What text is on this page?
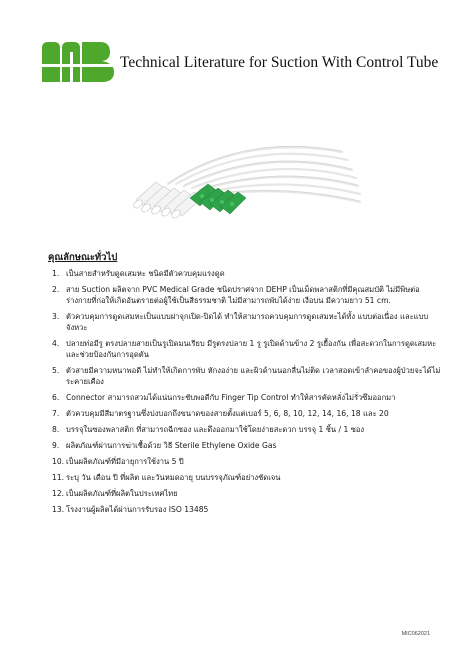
MB
Technical Literature for Suction With Control Tube
คุณลักษณะทั่วไป
1. เป็นสายสำหรับดูดเสมหะ ชนิดมีตัวควบคุมแรงดูด
2. สาย Suction ผลิตจาก PVC Medical Grade ชนิดปราศจาก DEHP เป็นเม็ดพลาสติกที่มีคุณสมบัติ ไม่มีพิษต่อร่างกายที่ก่อให้เกิดอันตรายต่อผู้ใช้เป็นสีธรรมชาติ ไม่มีสามารถพับได้ง่าย เงือบน มีความยาว 51 cm.
3. ตัวควบคุมการดูดเสมหะเป็นแบบฝาจุกเปิด-ปิดได้ ทำให้สามารถควบคุมการดูดเสมหะได้ทั้ง แบบต่อเนื่อง และแบบจังหวะ
4. ปลายท่อมีรู ตรงปลายสายเป็นรูเปิดมนเรียบ มีรูตรงปลาย 1 รู รูเปิดด้านข้าง 2 รูเยื้องกัน เพื่อสะดวกในการดูดเสมหะ และช่วยป้องกันการอุดตัน
5. ตัวสายมีความหนาพอดี ไม่ทำให้เกิดการพับ หักงอง่าย และผิวด้านนอกลื่นไม่ติด เวลาสอดเข้าลำคอของผู้ป่วยจะได้ไม่ระคายเคือง
6. Connector สามารถสวมได้แน่นกระชับพอดีกับ Finger Tip Control ทำให้สารคัดหลั่งไม่รั่วซึมออกมา
7. ตัวควบคุมมีสีมาตรฐานซึ่งบ่งบอกถึงขนาดของสายตั้งแต่เบอร์ 5, 6, 8, 10, 12, 14, 16, 18 และ 20
8. บรรจุในซองพลาสติก ที่สามารถฉีกซอง และดึงออกมาใช้โดยง่ายสะดวก บรรจุ 1 ชิ้น / 1 ซอง
9. ผลิตภัณฑ์ผ่านการฆ่าเชื้อด้วย วิธี Sterile Ethylene Oxide Gas
10. เป็นผลิตภัณฑ์ที่มีอายุการใช้งาน 5 ปี
11. ระบุ วัน เดือน ปี ที่ผลิต และวันหมดอายุ บนบรรจุภัณฑ์อย่างชัดเจน
12. เป็นผลิตภัณฑ์ที่ผลิตในประเทศไทย
13. โรงงานผู้ผลิตได้ผ่านการรับรอง ISO 13485
MIC062021
